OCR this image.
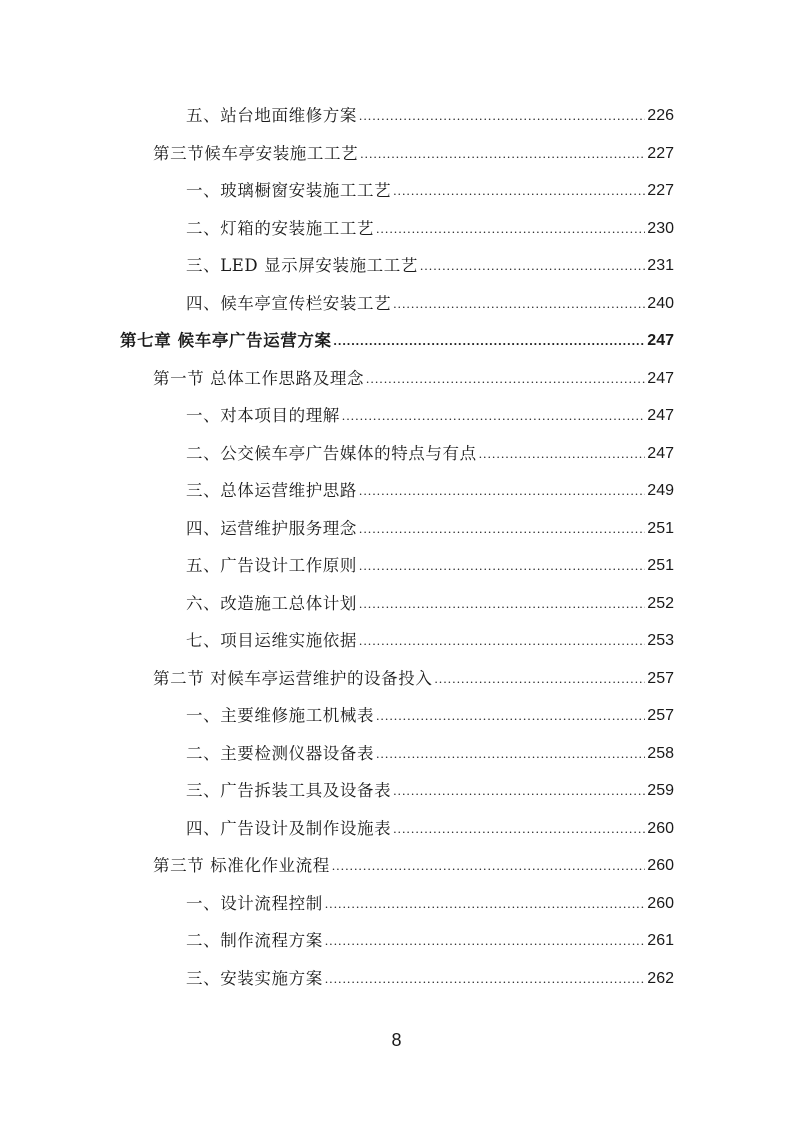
五、站台地面维修方案 .....	226
第三节候车亭安装施工工艺 .....	227
一、玻璃橱窗安装施工工艺 .....	227
二、灯箱的安装施工工艺 .....	230
三、LED 显示屏安装施工工艺 .....	231
四、候车亭宣传栏安装工艺 .....	240
第七章 候车亭广告运营方案 .....	247
第一节 总体工作思路及理念 .....	247
一、对本项目的理解 .....	247
二、公交候车亭广告媒体的特点与有点 .....	247
三、总体运营维护思路 .....	249
四、运营维护服务理念 .....	251
五、广告设计工作原则 .....	251
六、改造施工总体计划 .....	252
七、项目运维实施依据 .....	253
第二节 对候车亭运营维护的设备投入 .....	257
一、主要维修施工机械表 .....	257
二、主要检测仪器设备表 .....	258
三、广告拆装工具及设备表 .....	259
四、广告设计及制作设施表 .....	260
第三节 标准化作业流程 .....	260
一、设计流程控制 .....	260
二、制作流程方案 .....	261
三、安装实施方案 .....	262
8
